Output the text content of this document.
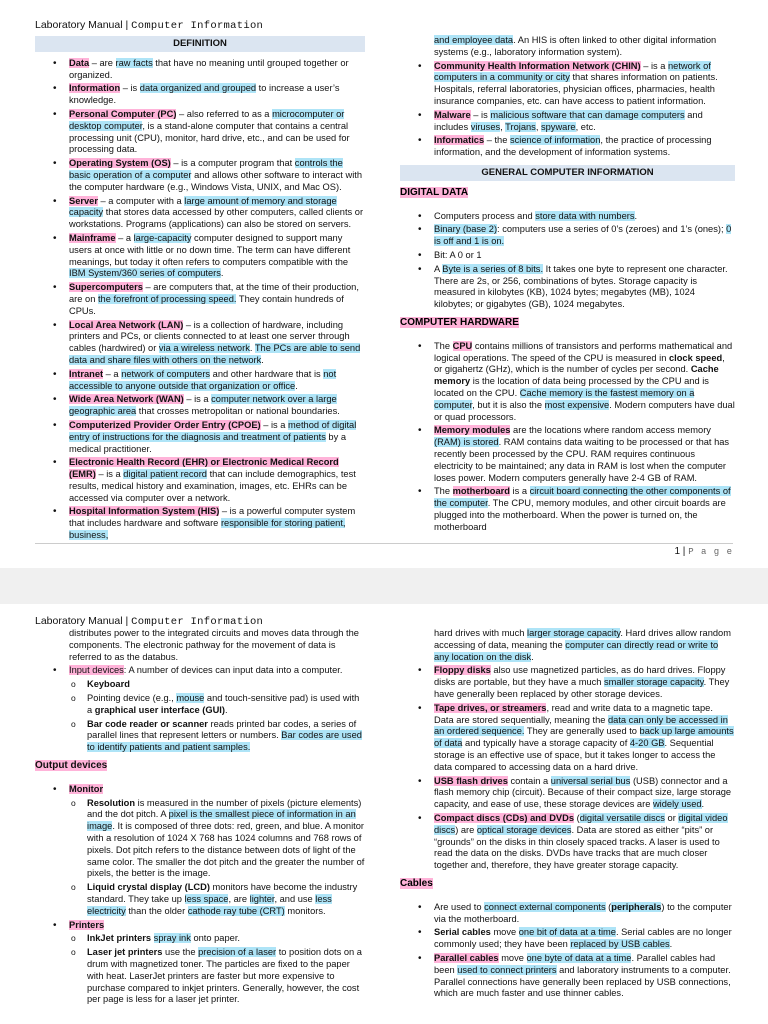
Laboratory Manual | Computer Information
DEFINITION
• Data – are raw facts that have no meaning until grouped together or organized.
• Information – is data organized and grouped to increase a user’s knowledge.
• Personal Computer (PC) – also referred to as a microcomputer or desktop computer, is a stand-alone computer that contains a central processing unit (CPU), monitor, hard drive, etc., and can be used for processing data.
• Operating System (OS) – is a computer program that controls the basic operation of a computer and allows other software to interact with the computer hardware (e.g., Windows Vista, UNIX, and Mac OS).
• Server – a computer with a large amount of memory and storage capacity that stores data accessed by other computers, called clients or workstations. Programs (applications) can also be stored on servers.
• Mainframe – a large-capacity computer designed to support many users at once with little or no down time. The term can have different meanings, but today it often refers to computers compatible with the IBM System/360 series of computers.
• Supercomputers – are computers that, at the time of their production, are on the forefront of processing speed. They contain hundreds of CPUs.
• Local Area Network (LAN) – is a collection of hardware, including printers and PCs, or clients connected to at least one server through cables (hardwired) or via a wireless network. The PCs are able to send data and share files with others on the network.
• Intranet – a network of computers and other hardware that is not accessible to anyone outside that organization or office.
• Wide Area Network (WAN) – is a computer network over a large geographic area that crosses metropolitan or national boundaries.
• Computerized Provider Order Entry (CPOE) – is a method of digital entry of instructions for the diagnosis and treatment of patients by a medical practitioner.
• Electronic Health Record (EHR) or Electronic Medical Record (EMR) – is a digital patient record that can include demographics, test results, medical history and examination, images, etc. EHRs can be accessed via computer over a network.
• Hospital Information System (HIS) – is a powerful computer system that includes hardware and software responsible for storing patient, business,
and employee data. An HIS is often linked to other digital information systems (e.g., laboratory information system).
• Community Health Information Network (CHIN) – is a network of computers in a community or city that shares information on patients. Hospitals, referral laboratories, physician offices, pharmacies, health insurance companies, etc. can have access to patient information.
• Malware – is malicious software that can damage computers and includes viruses, Trojans, spyware, etc.
• Informatics – the science of information, the practice of processing information, and the development of information systems.
GENERAL COMPUTER INFORMATION
DIGITAL DATA
• Computers process and store data with numbers.
• Binary (base 2): computers use a series of 0’s (zeroes) and 1’s (ones); 0 is off and 1 is on.
• Bit: A 0 or 1
• A Byte is a series of 8 bits. It takes one byte to represent one character. There are 2s, or 256, combinations of bytes. Storage capacity is measured in kilobytes (KB), 1024 bytes; megabytes (MB), 1024 kilobytes; or gigabytes (GB), 1024 megabytes.
COMPUTER HARDWARE
• The CPU contains millions of transistors and performs mathematical and logical operations. The speed of the CPU is measured in clock speed, or gigahertz (GHz), which is the number of cycles per second. Cache memory is the location of data being processed by the CPU and is located on the CPU. Cache memory is the fastest memory on a computer, but it is also the most expensive. Modern computers have dual or quad processors.
• Memory modules are the locations where random access memory (RAM) is stored. RAM contains data waiting to be processed or that has recently been processed by the CPU. RAM requires continuous electricity to be maintained; any data in RAM is lost when the computer loses power. Modern computers generally have 2-4 GB of RAM.
• The motherboard is a circuit board connecting the other components of the computer. The CPU, memory modules, and other circuit boards are plugged into the motherboard. When the power is turned on, the motherboard
1 | P a g e
Laboratory Manual | Computer Information
distributes power to the integrated circuits and moves data through the components. The electronic pathway for the movement of data is referred to as the databus.
• Input devices: A number of devices can input data into a computer.
o Keyboard
o Pointing device (e.g., mouse and touch-sensitive pad) is used with a graphical user interface (GUI).
o Bar code reader or scanner reads printed bar codes, a series of parallel lines that represent letters or numbers. Bar codes are used to identify patients and patient samples.
Output devices
• Monitor
o Resolution is measured in the number of pixels (picture elements) and the dot pitch. A pixel is the smallest piece of information in an image. It is composed of three dots: red, green, and blue. A monitor with a resolution of 1024 X 768 has 1024 columns and 768 rows of pixels. Dot pitch refers to the distance between dots of light of the same color. The smaller the dot pitch and the greater the number of pixels, the better is the image.
o Liquid crystal display (LCD) monitors have become the industry standard. They take up less space, are lighter, and use less electricity than the older cathode ray tube (CRT) monitors.
• Printers
o InkJet printers spray ink onto paper.
o Laser jet printers use the precision of a laser to position dots on a drum with magnetized toner. The particles are fixed to the paper with heat. LaserJet printers are faster but more expensive to purchase compared to inkjet printers. Generally, however, the cost per page is less for a laser jet printer.
hard drives with much larger storage capacity. Hard drives allow random accessing of data, meaning the computer can directly read or write to any location on the disk.
• Floppy disks also use magnetized particles, as do hard drives. Floppy disks are portable, but they have a much smaller storage capacity. They have generally been replaced by other storage devices.
• Tape drives, or streamers, read and write data to a magnetic tape. Data are stored sequentially, meaning the data can only be accessed in an ordered sequence. They are generally used to back up large amounts of data and typically have a storage capacity of 4-20 GB. Sequential storage is an effective use of space, but it takes longer to access the data compared to accessing data on a hard drive.
• USB flash drives contain a universal serial bus (USB) connector and a flash memory chip (circuit). Because of their compact size, large storage capacity, and ease of use, these storage devices are widely used.
• Compact discs (CDs) and DVDs (digital versatile discs or digital video discs) are optical storage devices. Data are stored as either “pits” or “grounds” on the disks in thin closely spaced tracks. A laser is used to read the data on the disks. DVDs have tracks that are much closer together and, therefore, they have greater storage capacity.
Cables
• Are used to connect external components (peripherals) to the computer via the motherboard.
• Serial cables move one bit of data at a time. Serial cables are no longer commonly used; they have been replaced by USB cables.
• Parallel cables move one byte of data at a time. Parallel cables had been used to connect printers and laboratory instruments to a computer. Parallel connections have generally been replaced by USB connections, which are much faster and use thinner cables.
